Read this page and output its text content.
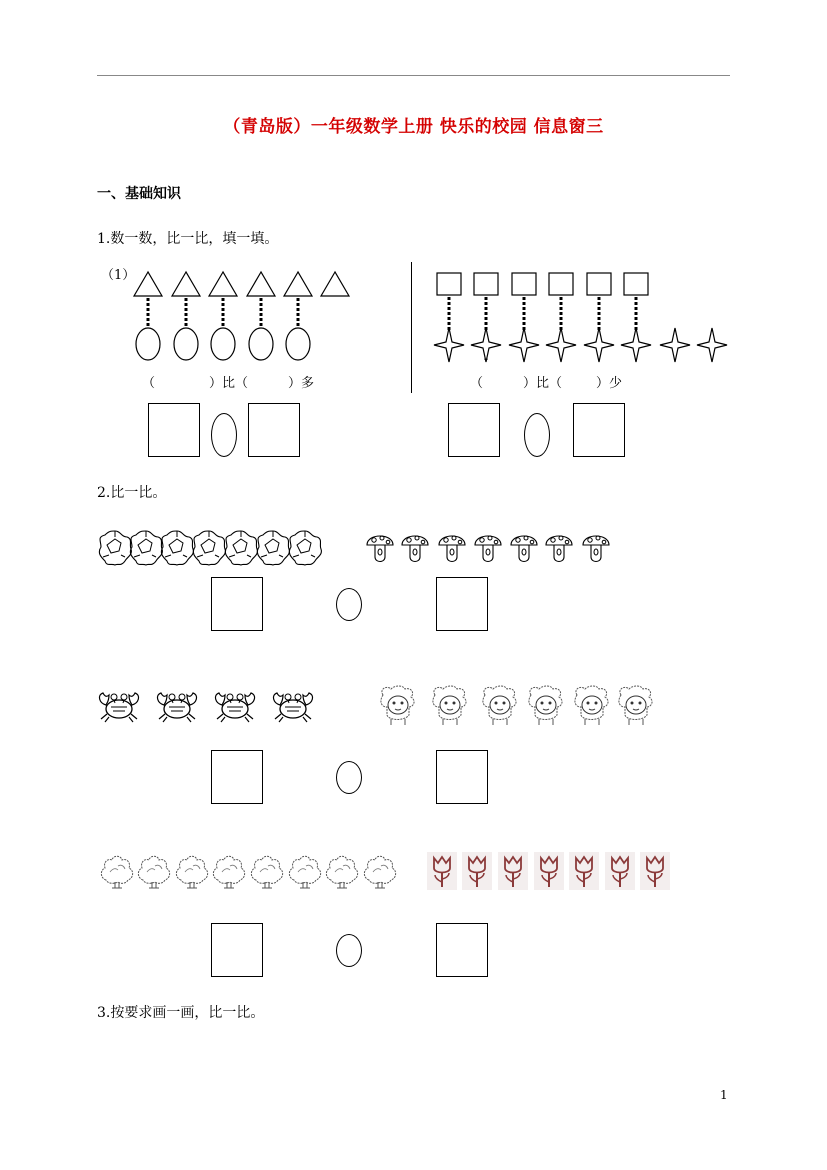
（青岛版）一年级数学上册 快乐的校园 信息窗三
一、基础知识
1.数一数，比一比，填一填。
（1）
（	）比（	）多	（	）比（	）少
2.比一比。
3.按要求画一画，比一比。
1
